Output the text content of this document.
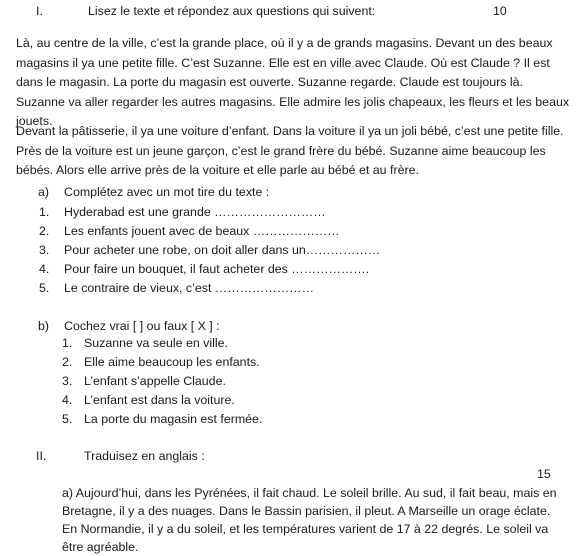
I.	Lisez le texte et répondez aux questions qui suivent:	10
Là, au centre de la ville, c’est la grande place, où il y a de grands magasins. Devant un des beaux magasins il ya une petite fille. C’est Suzanne. Elle est en ville avec Claude. Où est Claude ? Il est dans le magasin. La porte du magasin est ouverte. Suzanne regarde. Claude est toujours là. Suzanne va aller regarder les autres magasins. Elle admire les jolis chapeaux, les fleurs et les beaux jouets.
Devant la pâtisserie, il ya une voiture d’enfant. Dans la voiture il ya un joli bébé, c’est une petite fille. Près de la voiture est un jeune garçon, c’est le grand frère du bébé. Suzanne aime beaucoup les bébés. Alors elle arrive près de la voiture et elle parle au bébé et au frère.
a) Complétez avec un mot tire du texte :
1. Hyderabad est une grande ………………………
2. Les enfants jouent avec de beaux …………………
3. Pour acheter une robe, on doit aller dans un………………
4. Pour faire un bouquet, il faut acheter des ……………….
5. Le contraire de vieux, c’est ……………………
b) Cochez vrai [ ] ou faux [ X ] :
1. Suzanne va seule en ville.
2. Elle aime beaucoup les enfants.
3. L’enfant s’appelle Claude.
4. L’enfant est dans la voiture.
5. La porte du magasin est fermée.
II.	Traduisez en anglais :
15
a) Aujourd’hui, dans les Pyrénées, il fait chaud. Le soleil brille. Au sud, il fait beau, mais en Bretagne, il y a des nuages. Dans le Bassin parisien, il pleut. A Marseille un orage éclate. En Normandie, il y a du soleil, et les températures varient de 17 à 22 degrés. Le soleil va être agréable.
